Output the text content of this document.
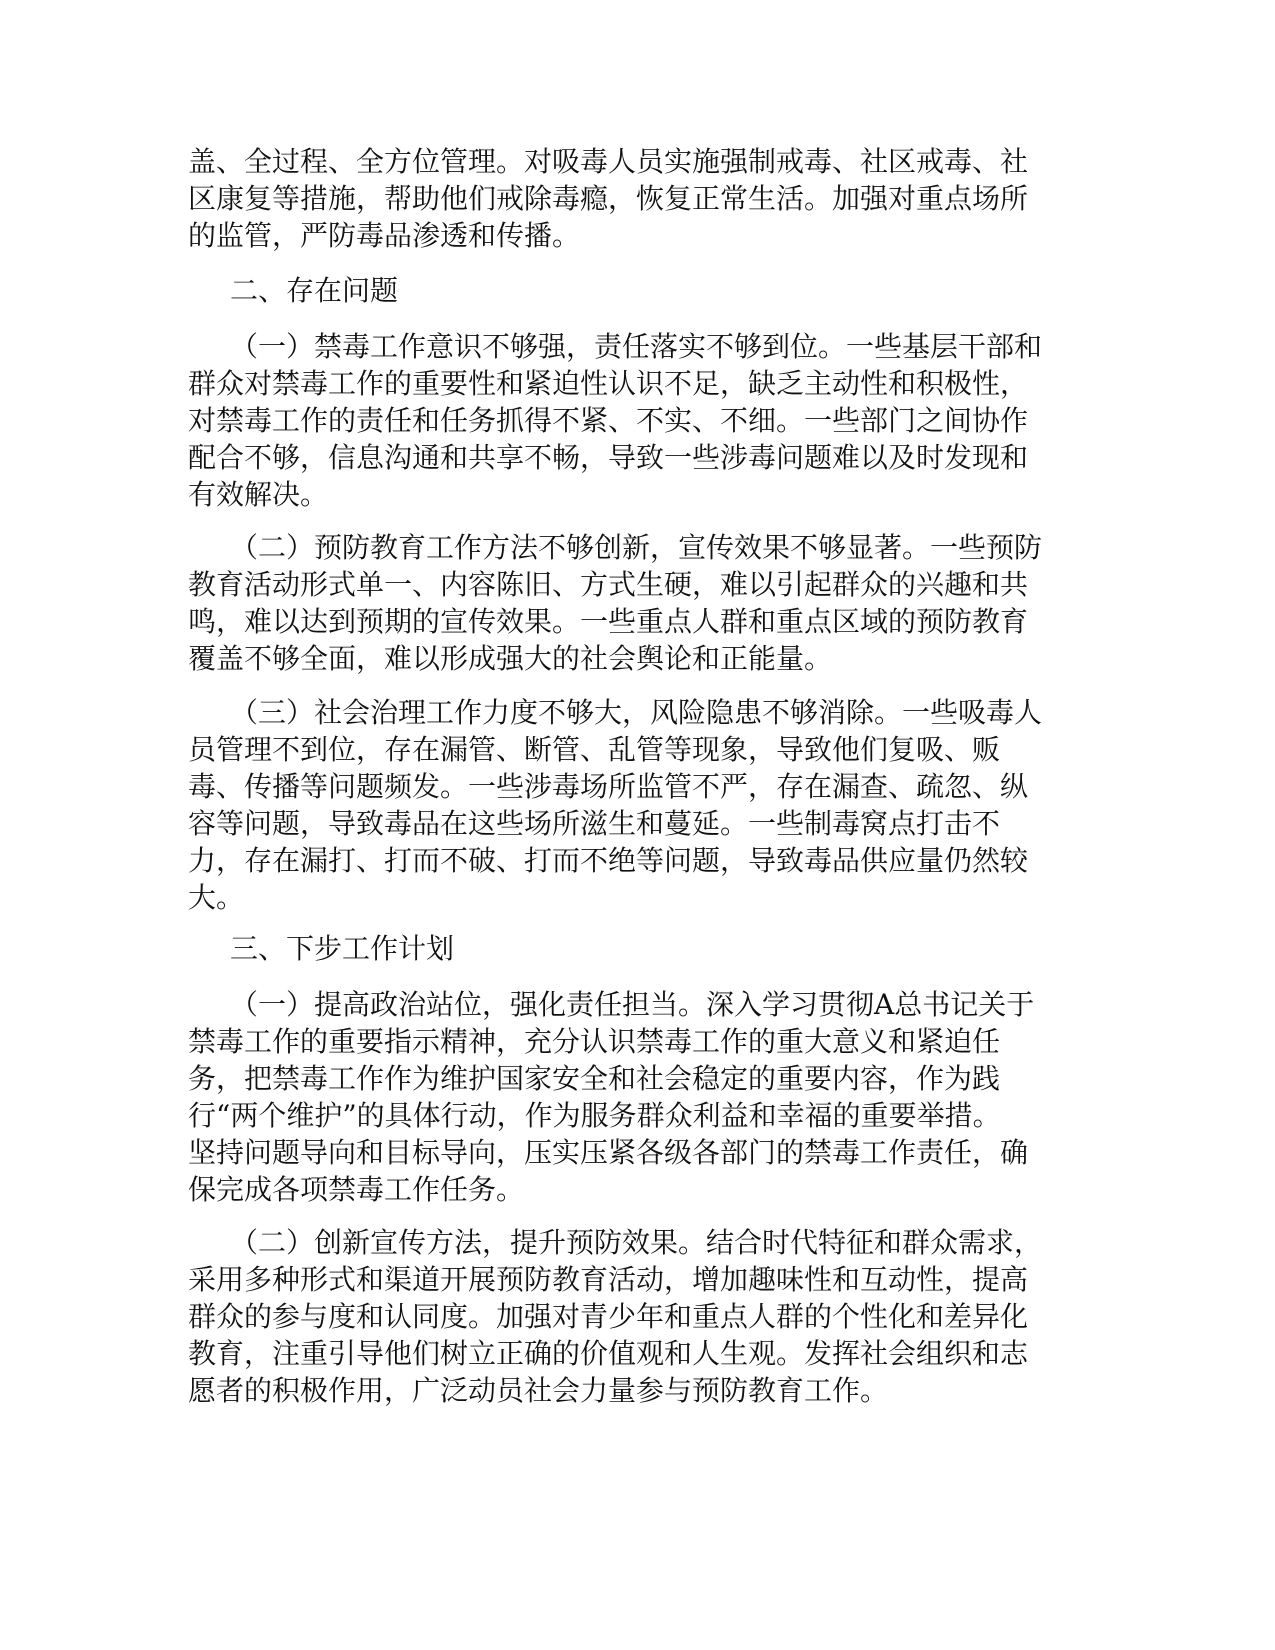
盖、全过程、全方位管理。对吸毒人员实施强制戒毒、社区戒毒、社
区康复等措施，帮助他们戒除毒瘾，恢复正常生活。加强对重点场所
的监管，严防毒品渗透和传播。
二、存在问题
　　（一）禁毒工作意识不够强，责任落实不够到位。一些基层干部和
群众对禁毒工作的重要性和紧迫性认识不足，缺乏主动性和积极性，
对禁毒工作的责任和任务抓得不紧、不实、不细。一些部门之间协作
配合不够，信息沟通和共享不畅，导致一些涉毒问题难以及时发现和
有效解决。
　　（二）预防教育工作方法不够创新，宣传效果不够显著。一些预防
教育活动形式单一、内容陈旧、方式生硬，难以引起群众的兴趣和共
鸣，难以达到预期的宣传效果。一些重点人群和重点区域的预防教育
覆盖不够全面，难以形成强大的社会舆论和正能量。
　　（三）社会治理工作力度不够大，风险隐患不够消除。一些吸毒人
员管理不到位，存在漏管、断管、乱管等现象，导致他们复吸、贩
毒、传播等问题频发。一些涉毒场所监管不严，存在漏查、疏忽、纵
容等问题，导致毒品在这些场所滋生和蔓延。一些制毒窝点打击不
力，存在漏打、打而不破、打而不绝等问题，导致毒品供应量仍然较
大。
三、下步工作计划
　　（一）提高政治站位，强化责任担当。深入学习贯彻A总书记关于
禁毒工作的重要指示精神，充分认识禁毒工作的重大意义和紧迫任
务，把禁毒工作作为维护国家安全和社会稳定的重要内容，作为践
行“两个维护”的具体行动，作为服务群众利益和幸福的重要举措。
坚持问题导向和目标导向，压实压紧各级各部门的禁毒工作责任，确
保完成各项禁毒工作任务。
　　（二）创新宣传方法，提升预防效果。结合时代特征和群众需求，
采用多种形式和渠道开展预防教育活动，增加趣味性和互动性，提高
群众的参与度和认同度。加强对青少年和重点人群的个性化和差异化
教育，注重引导他们树立正确的价值观和人生观。发挥社会组织和志
愿者的积极作用，广泛动员社会力量参与预防教育工作。
